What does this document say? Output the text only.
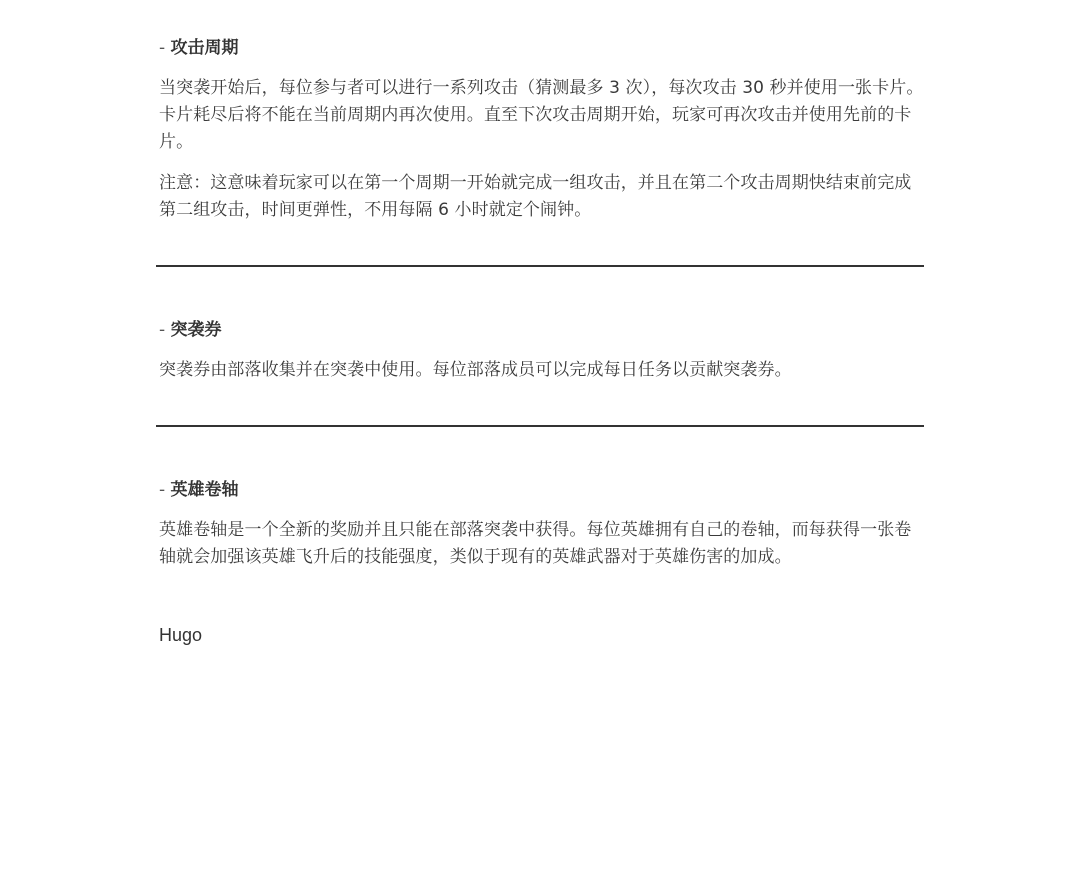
- 攻击周期

当突袭开始后，每位参与者可以进行一系列攻击（猜测最多 3 次），每次攻击 30 秒并使用一张卡片。卡片耗尽后将不能在当前周期内再次使用。直至下次攻击周期开始，玩家可再次攻击并使用先前的卡片。

注意：这意味着玩家可以在第一个周期一开始就完成一组攻击，并且在第二个攻击周期快结束前完成第二组攻击，时间更弹性，不用每隔 6 小时就定个闹钟。

- 突袭券

突袭券由部落收集并在突袭中使用。每位部落成员可以完成每日任务以贡献突袭券。

- 英雄卷轴

英雄卷轴是一个全新的奖励并且只能在部落突袭中获得。每位英雄拥有自己的卷轴，而每获得一张卷轴就会加强该英雄飞升后的技能强度，类似于现有的英雄武器对于英雄伤害的加成。

Hugo
